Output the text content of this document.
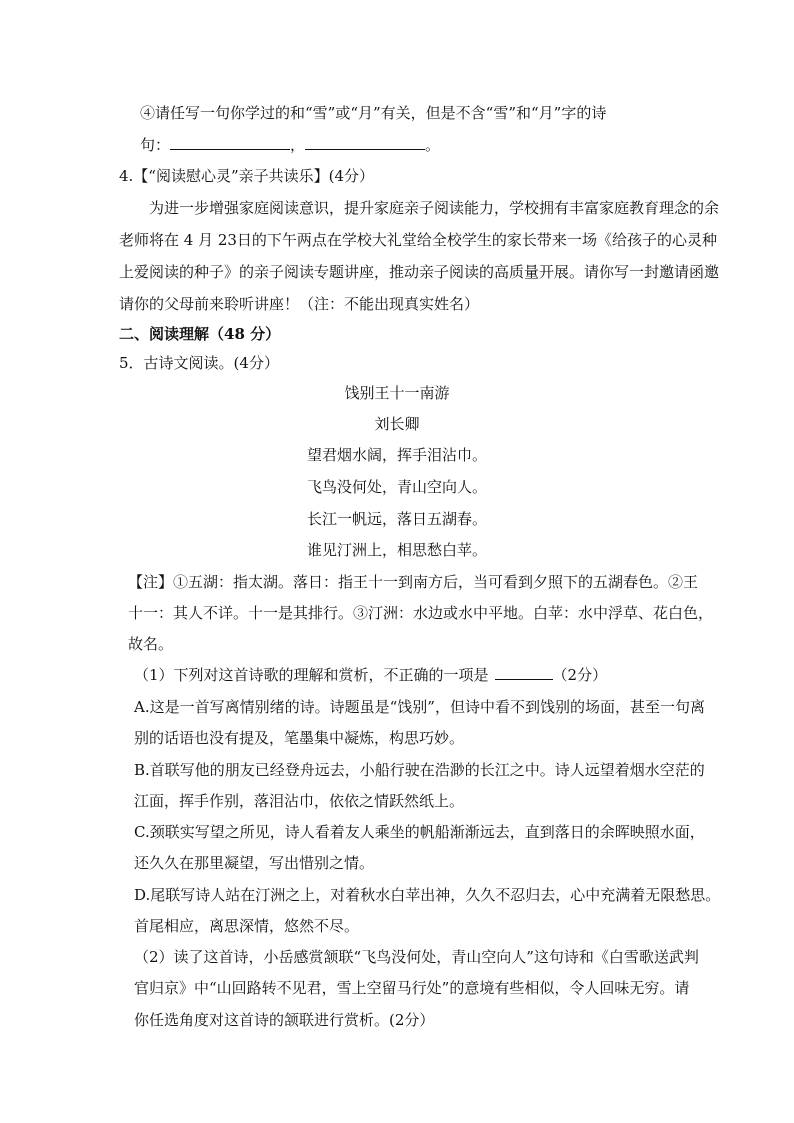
④请任写一句你学过的和“雪”或“月”有关，但是不含“雪”和“月”字的诗
句：	，	。
4.【“阅读慰心灵”亲子共读乐】(4分）
为进一步增强家庭阅读意识，提升家庭亲子阅读能力，学校拥有丰富家庭教育理念的余
老师将在 4 月 23日的下午两点在学校大礼堂给全校学生的家长带来一场《给孩子的心灵种
上爱阅读的种子》的亲子阅读专题讲座，推动亲子阅读的高质量开展。请你写一封邀请函邀
请你的父母前来聆听讲座！（注：不能出现真实姓名）
二、阅读理解（48 分）
5．古诗文阅读。(4分）
饯别王十一南游
刘长卿
望君烟水阔，挥手泪沾巾。
飞鸟没何处，青山空向人。
长江一帆远，落日五湖春。
谁见汀洲上，相思愁白苹。
【注】①五湖：指太湖。落日：指王十一到南方后，当可看到夕照下的五湖春色。②王
十一：其人不详。十一是其排行。③汀洲：水边或水中平地。白苹：水中浮草、花白色，
故名。
（1）下列对这首诗歌的理解和赏析，不正确的一项是	（2分）
A.这是一首写离情别绪的诗。诗题虽是“饯别”，但诗中看不到饯别的场面，甚至一句离
别的话语也没有提及，笔墨集中凝炼，构思巧妙。
B.首联写他的朋友已经登舟远去，小船行驶在浩渺的长江之中。诗人远望着烟水空茫的
江面，挥手作别，落泪沾巾，依依之情跃然纸上。
C.颈联实写望之所见，诗人看着友人乘坐的帆船渐渐远去，直到落日的余晖映照水面，
还久久在那里凝望，写出惜别之情。
D.尾联写诗人站在汀洲之上，对着秋水白苹出神，久久不忍归去，心中充满着无限愁思。
首尾相应，离思深情，悠然不尽。
（2）读了这首诗，小岳感赏颔联“飞鸟没何处，青山空向人”这句诗和《白雪歌送武判
官归京》中“山回路转不见君，雪上空留马行处”的意境有些相似，令人回味无穷。请
你任选角度对这首诗的颔联进行赏析。(2分）
